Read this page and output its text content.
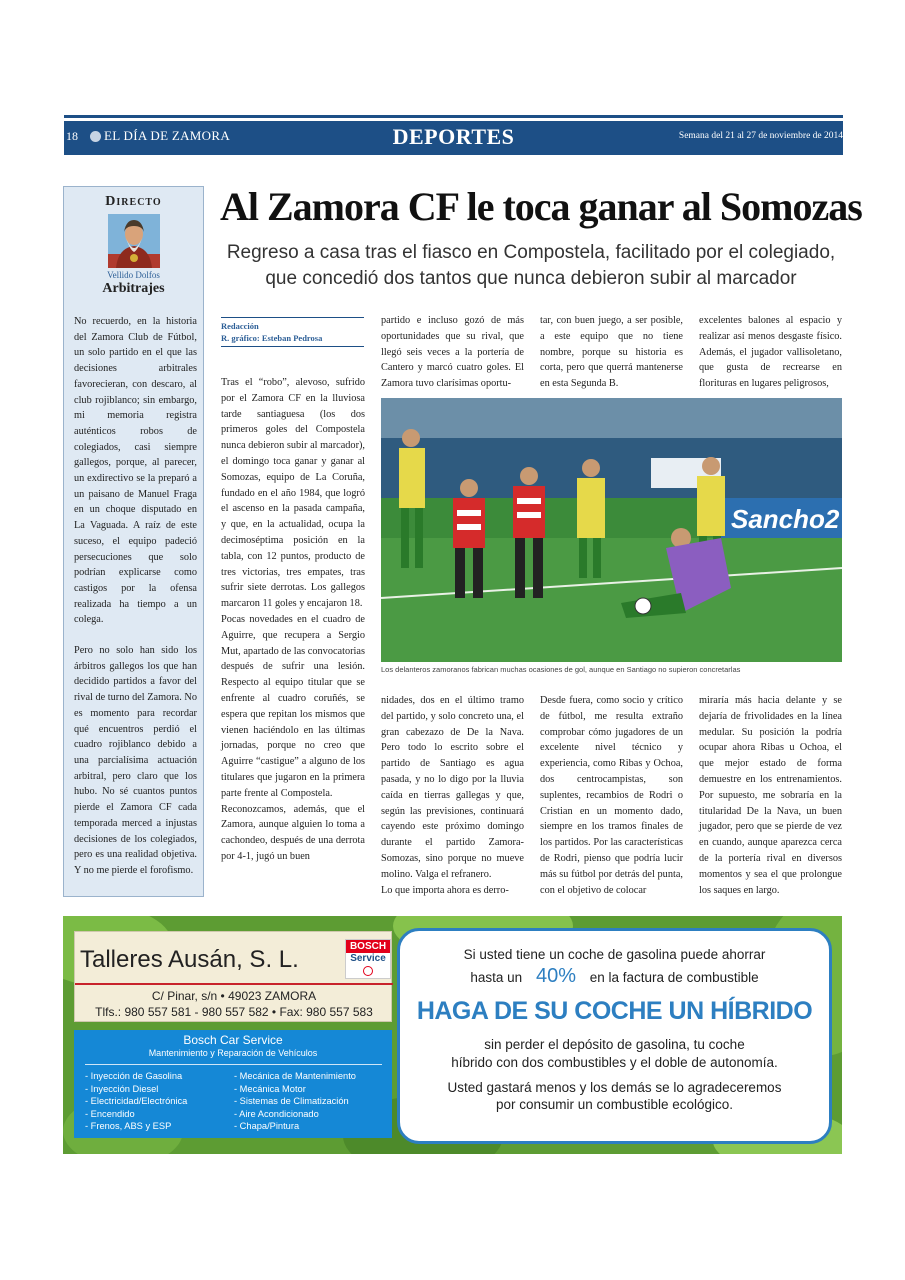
18 EL DÍA DE ZAMORA	DEPORTES	Semana del 21 al 27 de noviembre de 2014
Directo
Vellido Dolfos
Arbitrajes

No recuerdo, en la historia del Zamora Club de Fútbol, un solo partido en el que las decisiones arbitrales favorecieran, con descaro, al club rojiblanco; sin embargo, mi memoria registra auténticos robos de colegiados, casi siempre gallegos, porque, al parecer, un exdirectivo se la preparó a un paisano de Manuel Fraga en un choque disputado en La Vaguada. A raíz de este suceso, el equipo padeció persecuciones que solo podrían explicarse como castigos por la ofensa realizada ha tiempo a un colega.

Pero no solo han sido los árbitros gallegos los que han decidido partidos a favor del rival de turno del Zamora. No es momento para recordar qué encuentros perdió el cuadro rojiblanco debido a una parcialísima actuación arbitral, pero claro que los hubo. No sé cuantos puntos pierde el Zamora CF cada temporada merced a injustas decisiones de los colegiados, pero es una realidad objetiva. Y no me pierde el forofismo.

Al Zamora CF le toca ganar al Somozas
Regreso a casa tras el fiasco en Compostela, facilitado por el colegiado, que concedió dos tantos que nunca debieron subir al marcador
Redacción
R. gráfico: Esteban Pedrosa

Tras el “robo”, alevoso, sufrido por el Zamora CF en la lluviosa tarde santiaguesa (los dos primeros goles del Compostela nunca debieron subir al marcador), el domingo toca ganar y ganar al Somozas, equipo de La Coruña, fundado en el año 1984, que logró el ascenso en la pasada campaña, y que, en la actualidad, ocupa la decimoséptima posición en la tabla, con 12 puntos, producto de tres victorias, tres empates, tras sufrir siete derrotas. Los gallegos marcaron 11 goles y encajaron 18.

Pocas novedades en el cuadro de Aguirre, que recupera a Sergio Mut, apartado de las convocatorias después de sufrir una lesión. Respecto al equipo titular que se enfrente al cuadro coruñés, se espera que repitan los mismos que vienen haciéndolo en las últimas jornadas, porque no creo que Aguirre “castigue” a alguno de los titulares que jugaron en la primera parte frente al Compostela.

Reconozcamos, además, que el Zamora, aunque alguien lo toma a cachondeo, después de una derrota por 4-1, jugó un buen

partido e incluso gozó de más oportunidades que su rival, que llegó seis veces a la portería de Cantero y marcó cuatro goles. El Zamora tuvo clarísimas oportu-
tar, con buen juego, a ser posible, a este equipo que no tiene nombre, porque su historia es corta, pero que querrá mantenerse en esta Segunda B.
excelentes balones al espacio y realizar así menos desgaste físico. Además, el jugador vallisoletano, que gusta de recrearse en florituras en lugares peligrosos,
Sancho2
Los delanteros zamoranos fabrican muchas ocasiones de gol, aunque en Santiago no supieron concretarlas

nidades, dos en el último tramo del partido, y solo concreto una, el gran cabezazo de De la Nava. Pero todo lo escrito sobre el partido de Santiago es agua pasada, y no lo digo por la lluvia caída en tierras gallegas y que, según las previsiones, continuará cayendo este próximo domingo durante el partido Zamora-Somozas, sino porque no mueve molino. Valga el refranero.

Lo que importa ahora es derro-

Desde fuera, como socio y crítico de fútbol, me resulta extraño comprobar cómo jugadores de un excelente nivel técnico y experiencia, como Ribas y Ochoa, dos centrocampistas, son suplentes, recambios de Rodri o Cristian en un momento dado, siempre en los tramos finales de los partidos. Por las características de Rodri, pienso que podría lucir más su fútbol por detrás del punta, con el objetivo de colocar
miraría más hacia delante y se dejaría de frivolidades en la línea medular. Su posición la podría ocupar ahora Ribas u Ochoa, el que mejor estado de forma demuestre en los entrenamientos. Por supuesto, me sobraría en la titularidad De la Nava, un buen jugador, pero que se pierde de vez en cuando, aunque aparezca cerca de la portería rival en diversos momentos y sea el que prolongue los saques en largo.
Talleres Ausán, S. L.	BOSCH
Service
C/ Pinar, s/n • 49023 ZAMORA
Tlfs.: 980 557 581 - 980 557 582 • Fax: 980 557 583
Bosch Car Service
Mantenimiento y Reparación de Vehículos
- Inyección de Gasolina
- Inyección Diesel
- Electricidad/Electrónica
- Encendido
- Frenos, ABS y ESP
- Mecánica de Mantenimiento
- Mecánica Motor
- Sistemas de Climatización
- Aire Acondicionado
- Chapa/Pintura
Si usted tiene un coche de gasolina puede ahorrar
hasta un 40% en la factura de combustible
HAGA DE SU COCHE UN HÍBRIDO
sin perder el depósito de gasolina, tu coche
híbrido con dos combustibles y el doble de autonomía.
Usted gastará menos y los demás se lo agradeceremos
por consumir un combustible ecológico.
